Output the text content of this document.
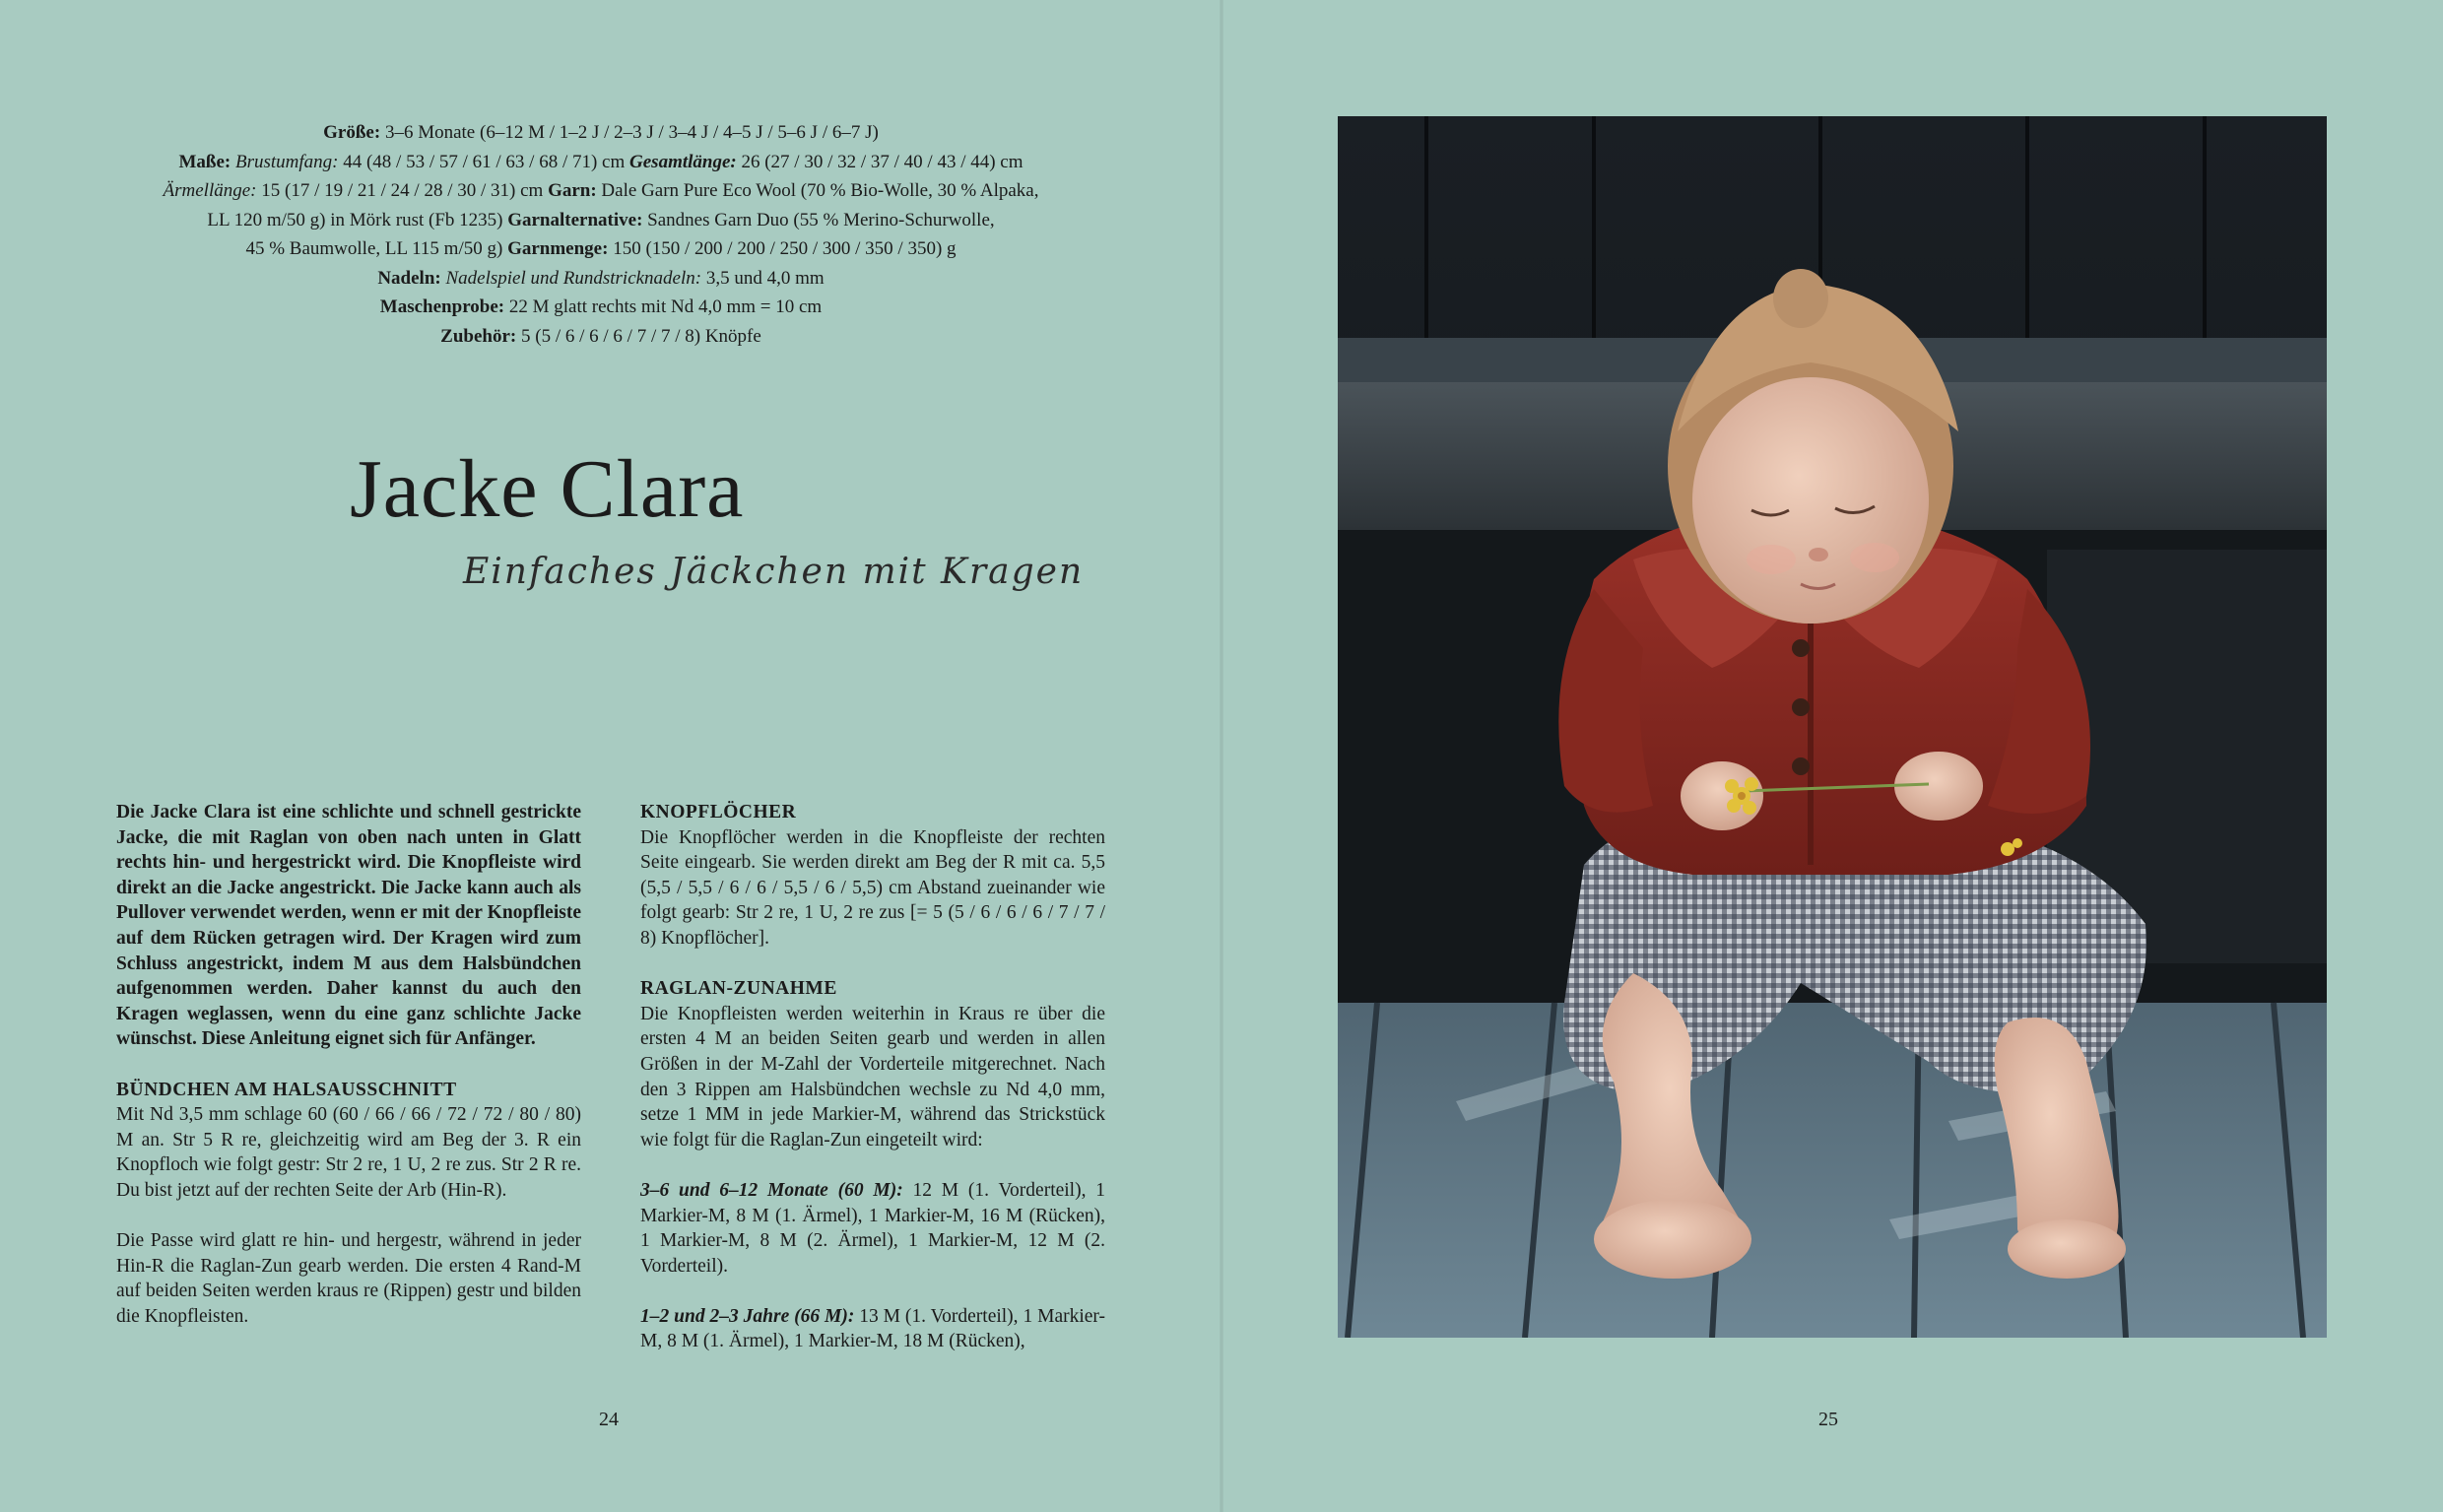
Größe: 3–6 Monate (6–12 M / 1–2 J / 2–3 J / 3–4 J / 4–5 J / 5–6 J / 6–7 J)
Maße: Brustumfang: 44 (48 / 53 / 57 / 61 / 63 / 68 / 71) cm Gesamtlänge: 26 (27 / 30 / 32 / 37 / 40 / 43 / 44) cm
Ärmellänge: 15 (17 / 19 / 21 / 24 / 28 / 30 / 31) cm Garn: Dale Garn Pure Eco Wool (70 % Bio-Wolle, 30 % Alpaka,
LL 120 m/50 g) in Mörk rust (Fb 1235) Garnalternative: Sandnes Garn Duo (55 % Merino-Schurwolle,
45 % Baumwolle, LL 115 m/50 g) Garnmenge: 150 (150 / 200 / 200 / 250 / 300 / 350 / 350) g
Nadeln: Nadelspiel und Rundstricknadeln: 3,5 und 4,0 mm
Maschenprobe: 22 M glatt rechts mit Nd 4,0 mm = 10 cm
Zubehör: 5 (5 / 6 / 6 / 6 / 7 / 7 / 8) Knöpfe
Jacke Clara
Einfaches Jäckchen mit Kragen

Die Jacke Clara ist eine schlichte und schnell gestrickte Jacke, die mit Raglan von oben nach unten in Glatt rechts hin- und hergestrickt wird. Die Knopfleiste wird direkt an die Jacke angestrickt. Die Jacke kann auch als Pullover verwendet werden, wenn er mit der Knopfleiste auf dem Rücken getragen wird. Der Kragen wird zum Schluss angestrickt, indem M aus dem Halsbündchen aufgenommen werden. Daher kannst du auch den Kragen weglassen, wenn du eine ganz schlichte Jacke wünschst. Diese Anleitung eignet sich für Anfänger.

BÜNDCHEN AM HALSAUSSCHNITT

Mit Nd 3,5 mm schlage 60 (60 / 66 / 66 / 72 / 72 / 80 / 80) M an. Str 5 R re, gleichzeitig wird am Beg der 3. R ein Knopfloch wie folgt gestr: Str 2 re, 1 U, 2 re zus. Str 2 R re. Du bist jetzt auf der rechten Seite der Arb (Hin-R).

Die Passe wird glatt re hin- und hergestr, während in jeder Hin-R die Raglan-Zun gearb werden. Die ersten 4 Rand-M auf beiden Seiten werden kraus re (Rippen) gestr und bilden die Knopfleisten.

KNOPFLÖCHER

Die Knopflöcher werden in die Knopfleiste der rechten Seite eingearb. Sie werden direkt am Beg der R mit ca. 5,5 (5,5 / 5,5 / 6 / 6 / 5,5 / 6 / 5,5) cm Abstand zueinander wie folgt gearb: Str 2 re, 1 U, 2 re zus [= 5 (5 / 6 / 6 / 6 / 7 / 7 / 8) Knopflöcher].

RAGLAN-ZUNAHME

Die Knopfleisten werden weiterhin in Kraus re über die ersten 4 M an beiden Seiten gearb und werden in allen Größen in der M-Zahl der Vorderteile mitgerechnet. Nach den 3 Rippen am Halsbündchen wechsle zu Nd 4,0 mm, setze 1 MM in jede Markier-M, während das Strickstück wie folgt für die Raglan-Zun eingeteilt wird:

3–6 und 6–12 Monate (60 M): 12 M (1. Vorderteil), 1 Markier-M, 8 M (1. Ärmel), 1 Markier-M, 16 M (Rücken), 1 Markier-M, 8 M (2. Ärmel), 1 Markier-M, 12 M (2. Vorderteil).

1–2 und 2–3 Jahre (66 M): 13 M (1. Vorderteil), 1 Markier-M, 8 M (1. Ärmel), 1 Markier-M, 18 M (Rücken),

24	25
